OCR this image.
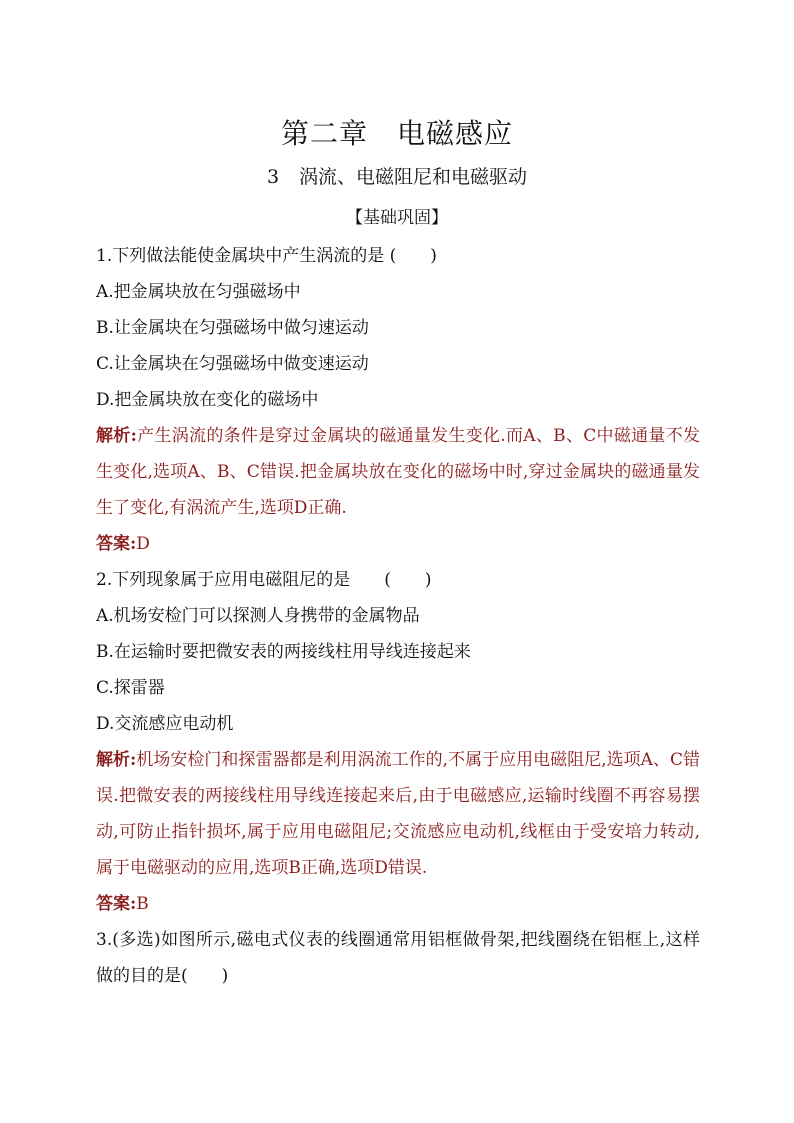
第二章　电磁感应
3 涡流、电磁阻尼和电磁驱动
【基础巩固】
1.下列做法能使金属块中产生涡流的是 (　　)
A.把金属块放在匀强磁场中
B.让金属块在匀强磁场中做匀速运动
C.让金属块在匀强磁场中做变速运动
D.把金属块放在变化的磁场中

解析:产生涡流的条件是穿过金属块的磁通量发生变化.而A、B、C中磁通量不发生变化,选项A、B、C错误.把金属块放在变化的磁场中时,穿过金属块的磁通量发生了变化,有涡流产生,选项D正确.

答案:D
2.下列现象属于应用电磁阻尼的是　　(　　)
A.机场安检门可以探测人身携带的金属物品
B.在运输时要把微安表的两接线柱用导线连接起来
C.探雷器
D.交流感应电动机

解析:机场安检门和探雷器都是利用涡流工作的,不属于应用电磁阻尼,选项A、C错误.把微安表的两接线柱用导线连接起来后,由于电磁感应,运输时线圈不再容易摆动,可防止指针损坏,属于应用电磁阻尼;交流感应电动机,线框由于受安培力转动,属于电磁驱动的应用,选项B正确,选项D错误.

答案:B

3.(多选)如图所示,磁电式仪表的线圈通常用铝框做骨架,把线圈绕在铝框上,这样做的目的是(　　)
